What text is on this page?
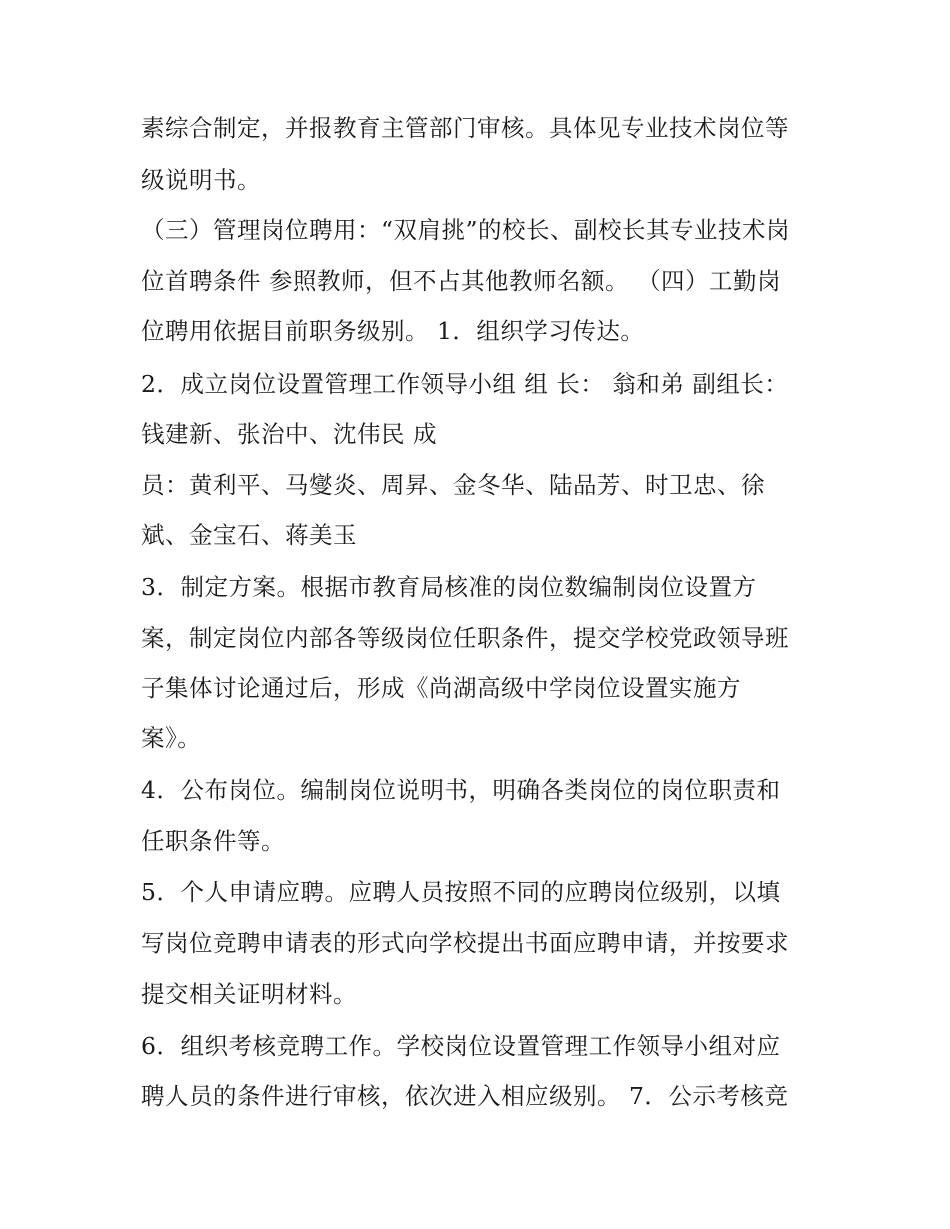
素综合制定，并报教育主管部门审核。具体见专业技术岗位等
级说明书。
（三）管理岗位聘用：“双肩挑”的校长、副校长其专业技术岗
位首聘条件 参照教师，但不占其他教师名额。 （四）工勤岗
位聘用依据目前职务级别。 1．组织学习传达。
2．成立岗位设置管理工作领导小组 组 长： 翁和弟 副组长：
钱建新、张治中、沈伟民 成
员：黄利平、马燮炎、周昇、金冬华、陆品芳、时卫忠、徐
斌、金宝石、蒋美玉
3．制定方案。根据市教育局核准的岗位数编制岗位设置方
案，制定岗位内部各等级岗位任职条件，提交学校党政领导班
子集体讨论通过后，形成《尚湖高级中学岗位设置实施方
案》。
4．公布岗位。编制岗位说明书，明确各类岗位的岗位职责和
任职条件等。
5．个人申请应聘。应聘人员按照不同的应聘岗位级别，以填
写岗位竞聘申请表的形式向学校提出书面应聘申请，并按要求
提交相关证明材料。
6．组织考核竞聘工作。学校岗位设置管理工作领导小组对应
聘人员的条件进行审核，依次进入相应级别。 7．公示考核竞
